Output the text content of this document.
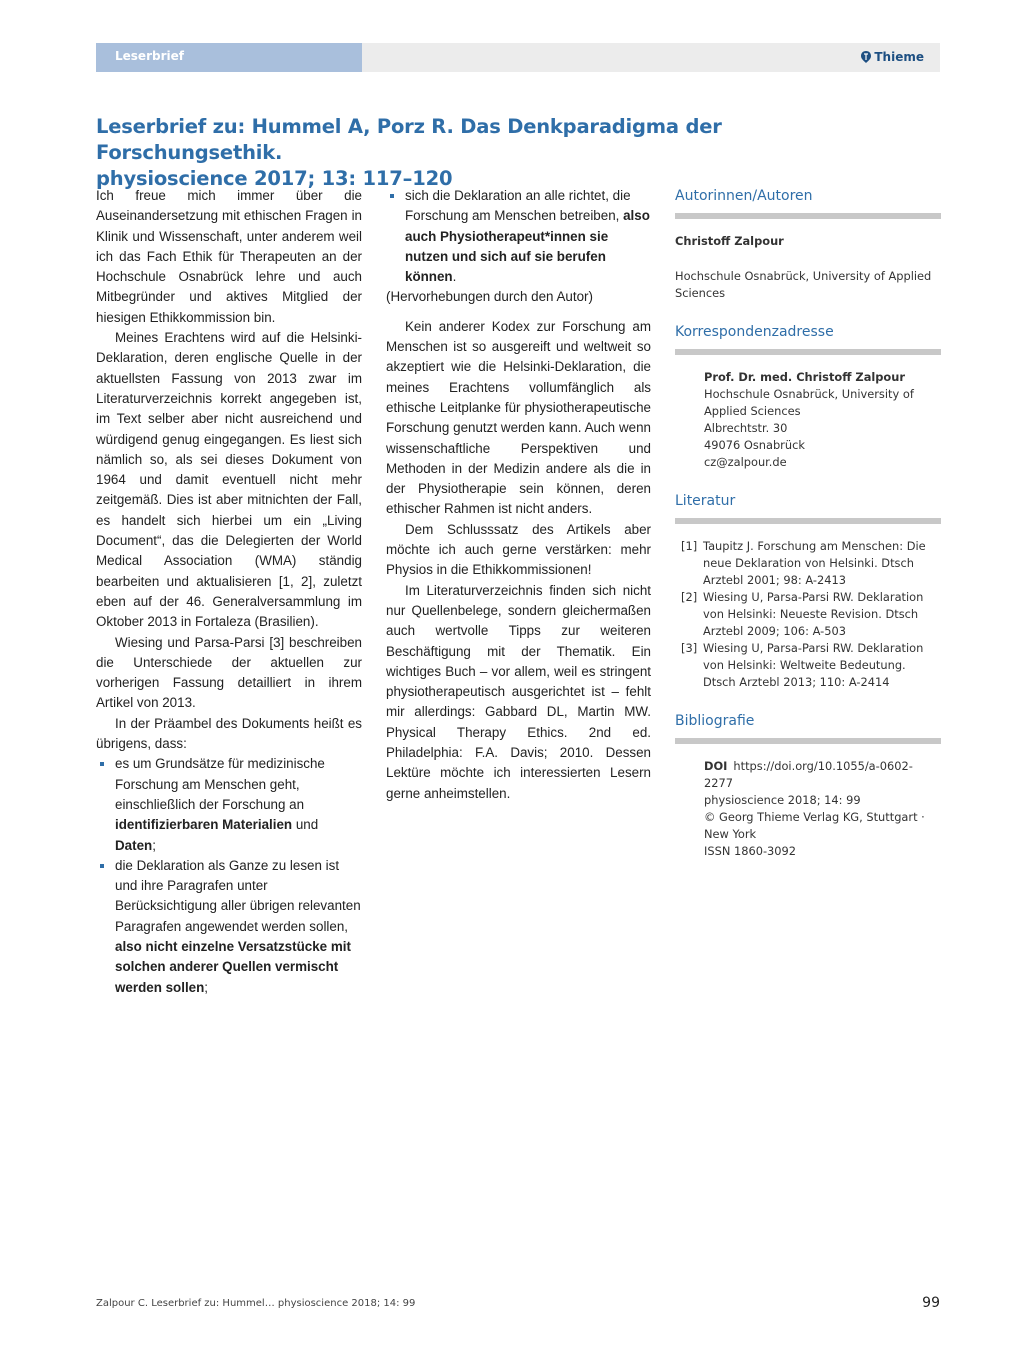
Leserbrief	Thieme
Leserbrief zu: Hummel A, Porz R. Das Denkparadigma der Forschungsethik.
physioscience 2017; 13: 117–120

Ich freue mich immer über die Auseinandersetzung mit ethischen Fragen in Klinik und Wissenschaft, unter anderem weil ich das Fach Ethik für Therapeuten an der Hochschule Osnabrück lehre und auch Mitbegründer und aktives Mitglied der hiesigen Ethikkommission bin.

Meines Erachtens wird auf die Helsinki-Deklaration, deren englische Quelle in der aktuellsten Fassung von 2013 zwar im Literaturverzeichnis korrekt angegeben ist, im Text selber aber nicht ausreichend und würdigend genug eingegangen. Es liest sich nämlich so, als sei dieses Dokument von 1964 und damit eventuell nicht mehr zeitgemäß. Dies ist aber mitnichten der Fall, es handelt sich hierbei um ein „Living Document“, das die Delegierten der World Medical Association (WMA) ständig bearbeiten und aktualisieren [1, 2], zuletzt eben auf der 46. Generalversammlung im Oktober 2013 in Fortaleza (Brasilien).

Wiesing und Parsa-Parsi [3] beschreiben die Unterschiede der aktuellen zur vorherigen Fassung detailliert in ihrem Artikel von 2013.

In der Präambel des Dokuments heißt es übrigens, dass:

es um Grundsätze für medizinische Forschung am Menschen geht, einschließlich der Forschung an identifizierbaren Materialien und Daten;
die Deklaration als Ganze zu lesen ist und ihre Paragrafen unter Berücksichtigung aller übrigen relevanten Paragrafen angewendet werden sollen, also nicht einzelne Versatzstücke mit solchen anderer Quellen vermischt werden sollen;
sich die Deklaration an alle richtet, die Forschung am Menschen betreiben, also auch Physiotherapeut*innen sie nutzen und sich auf sie berufen können.

(Hervorhebungen durch den Autor)

Kein anderer Kodex zur Forschung am Menschen ist so ausgereift und weltweit so akzeptiert wie die Helsinki-Deklaration, die meines Erachtens vollumfänglich als ethische Leitplanke für physiotherapeutische Forschung genutzt werden kann. Auch wenn wissenschaftliche Perspektiven und Methoden in der Medizin andere als die in der Physiotherapie sein können, deren ethischer Rahmen ist nicht anders.

Dem Schlusssatz des Artikels aber möchte ich auch gerne verstärken: mehr Physios in die Ethikkommissionen!

Im Literaturverzeichnis finden sich nicht nur Quellenbelege, sondern gleichermaßen auch wertvolle Tipps zur weiteren Beschäftigung mit der Thematik. Ein wichtiges Buch – vor allem, weil es stringent physiotherapeutisch ausgerichtet ist – fehlt mir allerdings: Gabbard DL, Martin MW. Physical Therapy Ethics. 2nd ed. Philadelphia: F.A. Davis; 2010. Dessen Lektüre möchte ich interessierten Lesern gerne anheimstellen.

Autorinnen/Autoren
Christoff Zalpour
Hochschule Osnabrück, University of Applied Sciences
Korrespondenzadresse
Prof. Dr. med. Christoff Zalpour
Hochschule Osnabrück, University of Applied Sciences
Albrechtstr. 30
49076 Osnabrück
cz@zalpour.de
Literatur
[1] Taupitz J. Forschung am Menschen: Die neue Deklaration von Helsinki. Dtsch Arztebl 2001; 98: A-2413
[2] Wiesing U, Parsa-Parsi RW. Deklaration von Helsinki: Neueste Revision. Dtsch Arztebl 2009; 106: A-503
[3] Wiesing U, Parsa-Parsi RW. Deklaration von Helsinki: Weltweite Bedeutung. Dtsch Arztebl 2013; 110: A-2414
Bibliografie
DOI https://doi.org/10.1055/a-0602-2277
physioscience 2018; 14: 99
© Georg Thieme Verlag KG, Stuttgart · New York
ISSN 1860-3092
Zalpour C. Leserbrief zu: Hummel… physioscience 2018; 14: 99	99
